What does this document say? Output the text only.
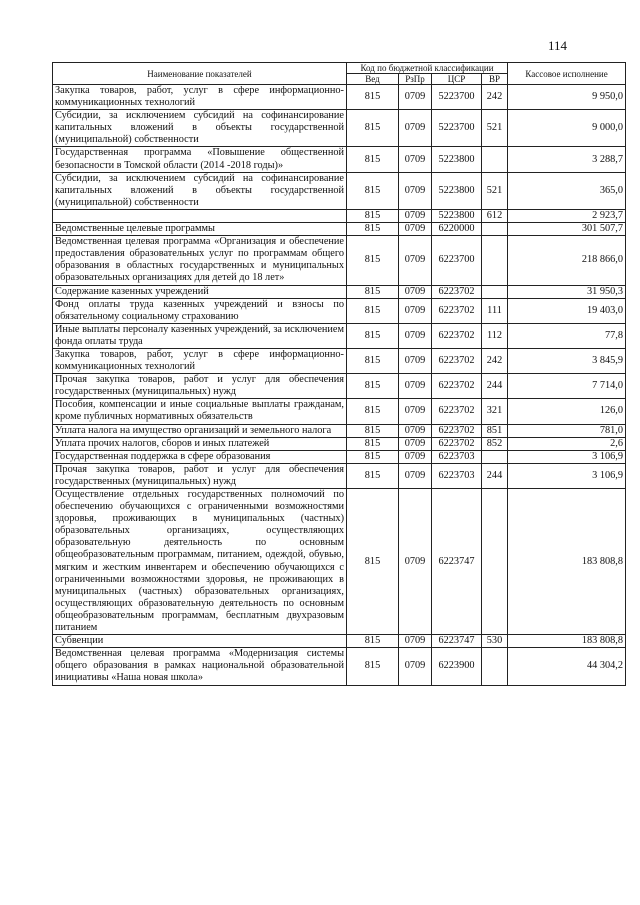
114
Наименование показателей	Код по бюджетной классификации				Кассовое исполнение
	Вед	РзПр	ЦСР	ВР	
Закупка товаров, работ, услуг в сфере информационно-коммуникационных технологий	815	0709	5223700	242	9 950,0
Субсидии, за исключением субсидий на софинансирование капитальных вложений в объекты государственной (муниципальной) собственности	815	0709	5223700	521	9 000,0
Государственная программа «Повышение общественной безопасности в Томской области (2014 -2018 годы)»	815	0709	5223800		3 288,7
Субсидии, за исключением субсидий на софинансирование капитальных вложений в объекты государственной (муниципальной) собственности	815	0709	5223800	521	365,0
	815	0709	5223800	612	2 923,7
Ведомственные целевые программы	815	0709	6220000		301 507,7
Ведомственная целевая программа «Организация и обеспечение предоставления образовательных услуг по программам общего образования в областных государственных и муниципальных образовательных организациях для детей до 18 лет»	815	0709	6223700		218 866,0
Содержание казенных учреждений	815	0709	6223702		31 950,3
Фонд оплаты труда казенных учреждений и взносы по обязательному социальному страхованию	815	0709	6223702	111	19 403,0
Иные выплаты персоналу казенных учреждений, за исключением фонда оплаты труда	815	0709	6223702	112	77,8
Закупка товаров, работ, услуг в сфере информационно-коммуникационных технологий	815	0709	6223702	242	3 845,9
Прочая закупка товаров, работ и услуг для обеспечения государственных (муниципальных) нужд	815	0709	6223702	244	7 714,0
Пособия, компенсации и иные социальные выплаты гражданам, кроме публичных нормативных обязательств	815	0709	6223702	321	126,0
Уплата налога на имущество организаций и земельного налога	815	0709	6223702	851	781,0
Уплата прочих налогов, сборов и иных платежей	815	0709	6223702	852	2,6
Государственная поддержка в сфере образования	815	0709	6223703		3 106,9
Прочая закупка товаров, работ и услуг для обеспечения государственных (муниципальных) нужд	815	0709	6223703	244	3 106,9
Осуществление отдельных государственных полномочий по обеспечению обучающихся с ограниченными возможностями здоровья, проживающих в муниципальных (частных) образовательных организациях, осуществляющих образовательную деятельность по основным общеобразовательным программам, питанием, одеждой, обувью, мягким и жестким инвентарем и обеспечению обучающихся с ограниченными возможностями здоровья, не проживающих в муниципальных (частных) образовательных организациях, осуществляющих образовательную деятельность по основным общеобразовательным программам, бесплатным двухразовым питанием	815	0709	6223747		183 808,8
Субвенции	815	0709	6223747	530	183 808,8
Ведомственная целевая программа «Модернизация системы общего образования в рамках национальной образовательной инициативы «Наша новая школа»	815	0709	6223900		44 304,2
